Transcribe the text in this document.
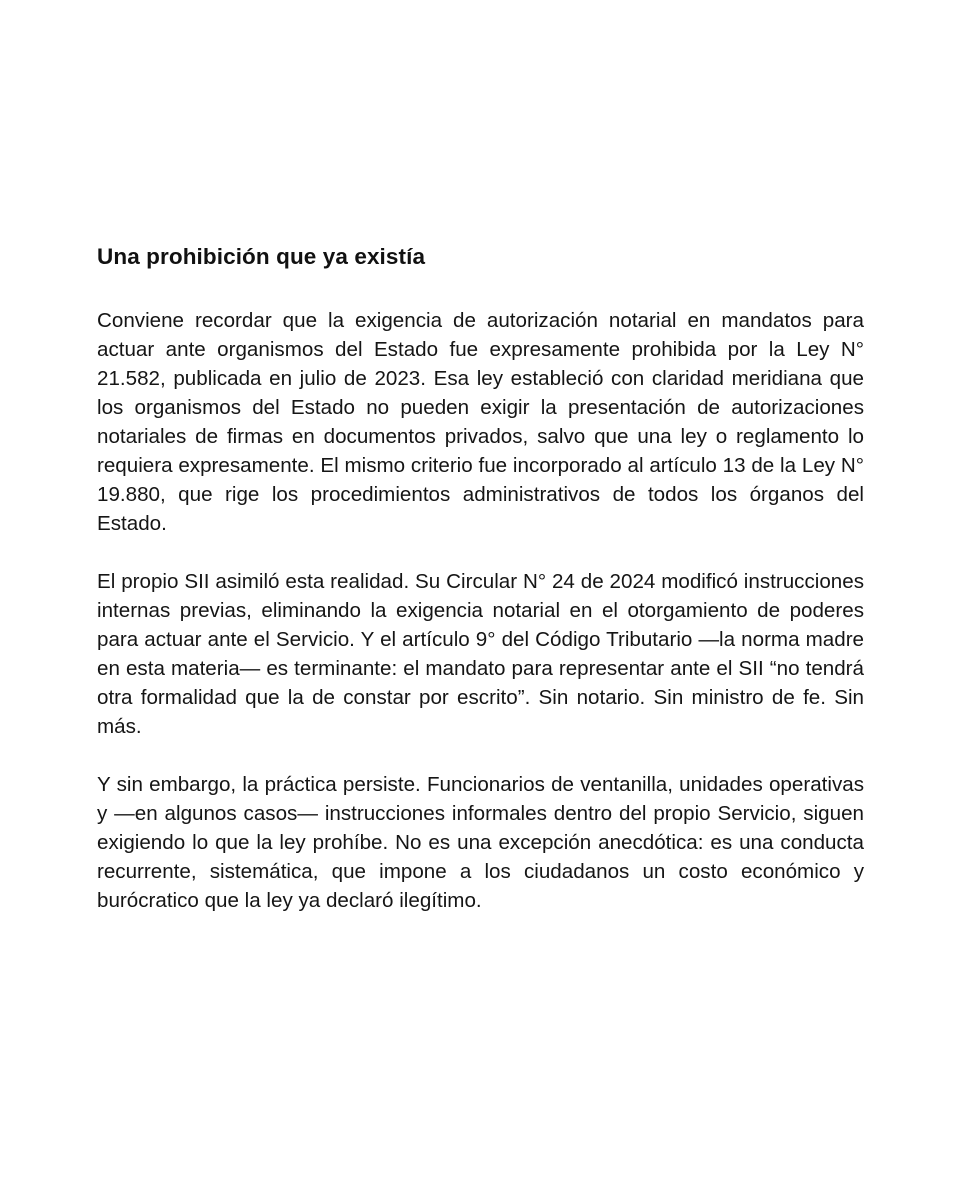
Una prohibición que ya existía

Conviene recordar que la exigencia de autorización notarial en mandatos para actuar ante organismos del Estado fue expresamente prohibida por la Ley N° 21.582, publicada en julio de 2023. Esa ley estableció con claridad meridiana que los organismos del Estado no pueden exigir la presentación de autorizaciones notariales de firmas en documentos privados, salvo que una ley o reglamento lo requiera expresamente. El mismo criterio fue incorporado al artículo 13 de la Ley N° 19.880, que rige los procedimientos administrativos de todos los órganos del Estado.

El propio SII asimiló esta realidad. Su Circular N° 24 de 2024 modificó instrucciones internas previas, eliminando la exigencia notarial en el otorgamiento de poderes para actuar ante el Servicio. Y el artículo 9° del Código Tributario —la norma madre en esta materia— es terminante: el mandato para representar ante el SII “no tendrá otra formalidad que la de constar por escrito”. Sin notario. Sin ministro de fe. Sin más.

Y sin embargo, la práctica persiste. Funcionarios de ventanilla, unidades operativas y —en algunos casos— instrucciones informales dentro del propio Servicio, siguen exigiendo lo que la ley prohíbe. No es una excepción anecdótica: es una conducta recurrente, sistemática, que impone a los ciudadanos un costo económico y burócratico que la ley ya declaró ilegítimo.
